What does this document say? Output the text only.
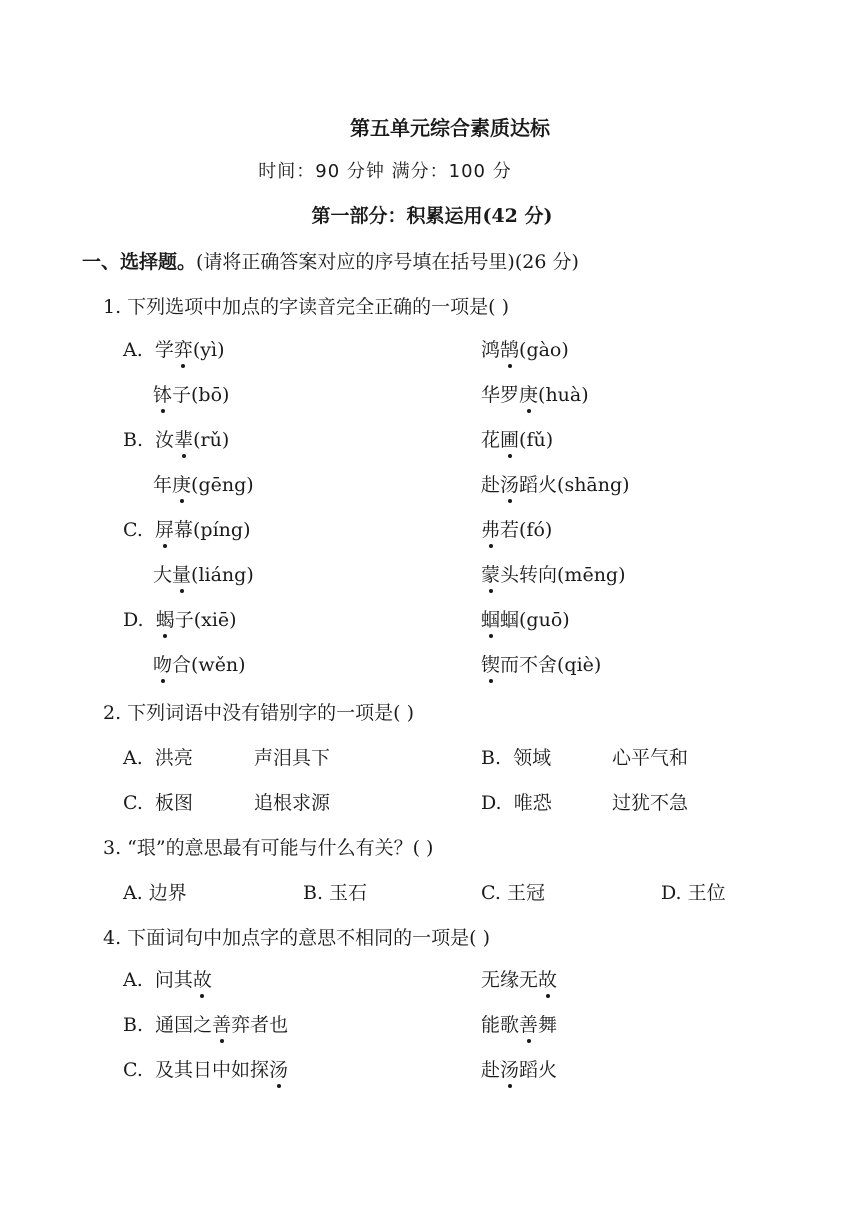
第五单元综合素质达标
时间：90 分钟 满分：100 分
第一部分：积累运用(42 分)
一、选择题。(请将正确答案对应的序号填在括号里)(26 分)
1. 下列选项中加点的字读音完全正确的一项是( )
A. 学弈(yì)	鸿鹄(gào)
钵子(bō)	华罗庚(huà)
B. 汝辈(rǔ)	花圃(fǔ)
年庚(gēng)	赴汤蹈火(shāng)
C. 屏幕(píng)	弗若(fó)
大量(liáng)	蒙头转向(mēng)
D. 蝎子(xiē)	蝈蝈(guō)
吻合(wěn)	锲而不舍(qiè)
2. 下列词语中没有错别字的一项是( )
A. 洪亮	声泪具下	B. 领域	心平气和
C. 板图	追根求源	D. 唯恐	过犹不急
3. “珢”的意思最有可能与什么有关？( )
A. 边界	B. 玉石	C. 王冠	D. 王位
4. 下面词句中加点字的意思不相同的一项是( )
A. 问其故	无缘无故
B. 通国之善弈者也	能歌善舞
C. 及其日中如探汤	赴汤蹈火
